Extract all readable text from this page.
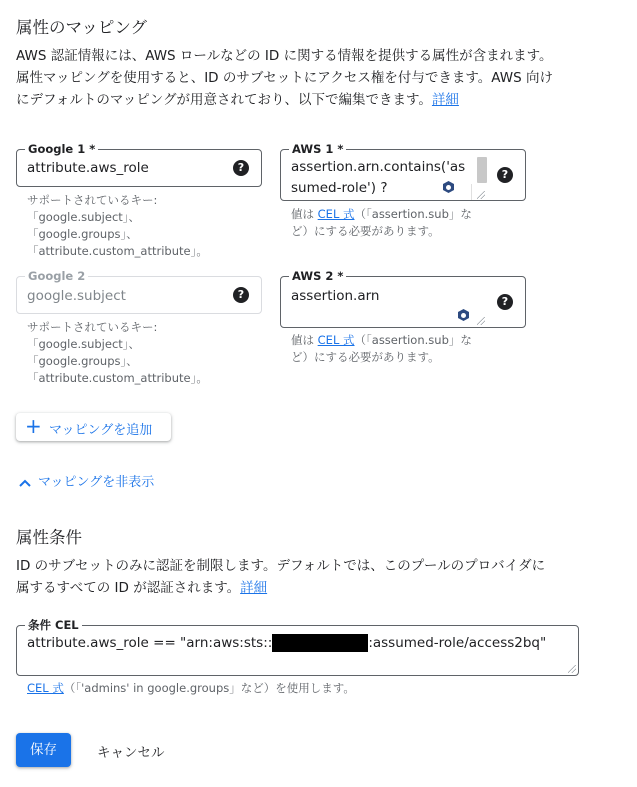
属性のマッピング
AWS 認証情報には、AWS ロールなどの ID に関する情報を提供する属性が含まれます。
属性マッピングを使用すると、ID のサブセットにアクセス権を付与できます。AWS 向け
にデフォルトのマッピングが用意されており、以下で編集できます。詳細
Google 1 *
attribute.aws_role	?
サポートされているキー:
「google.subject」、
「google.groups」、
「attribute.custom_attribute」。
AWS 1 *
assertion.arn.contains('as
sumed-role') ?
?
値は CEL 式（「assertion.sub」な
ど）にする必要があります。
Google 2
google.subject	?
サポートされているキー:
「google.subject」、
「google.groups」、
「attribute.custom_attribute」。
AWS 2 *
assertion.arn	?
値は CEL 式（「assertion.sub」な
ど）にする必要があります。
+ マッピングを追加
マッピングを非表示
属性条件
ID のサブセットのみに認証を制限します。デフォルトでは、このプールのプロバイダに
属するすべての ID が認証されます。詳細
条件 CEL
attribute.aws_role == "arn:aws:sts::	:assumed-role/access2bq"
CEL 式（「'admins' in google.groups」など）を使用します。
保存	キャンセル
